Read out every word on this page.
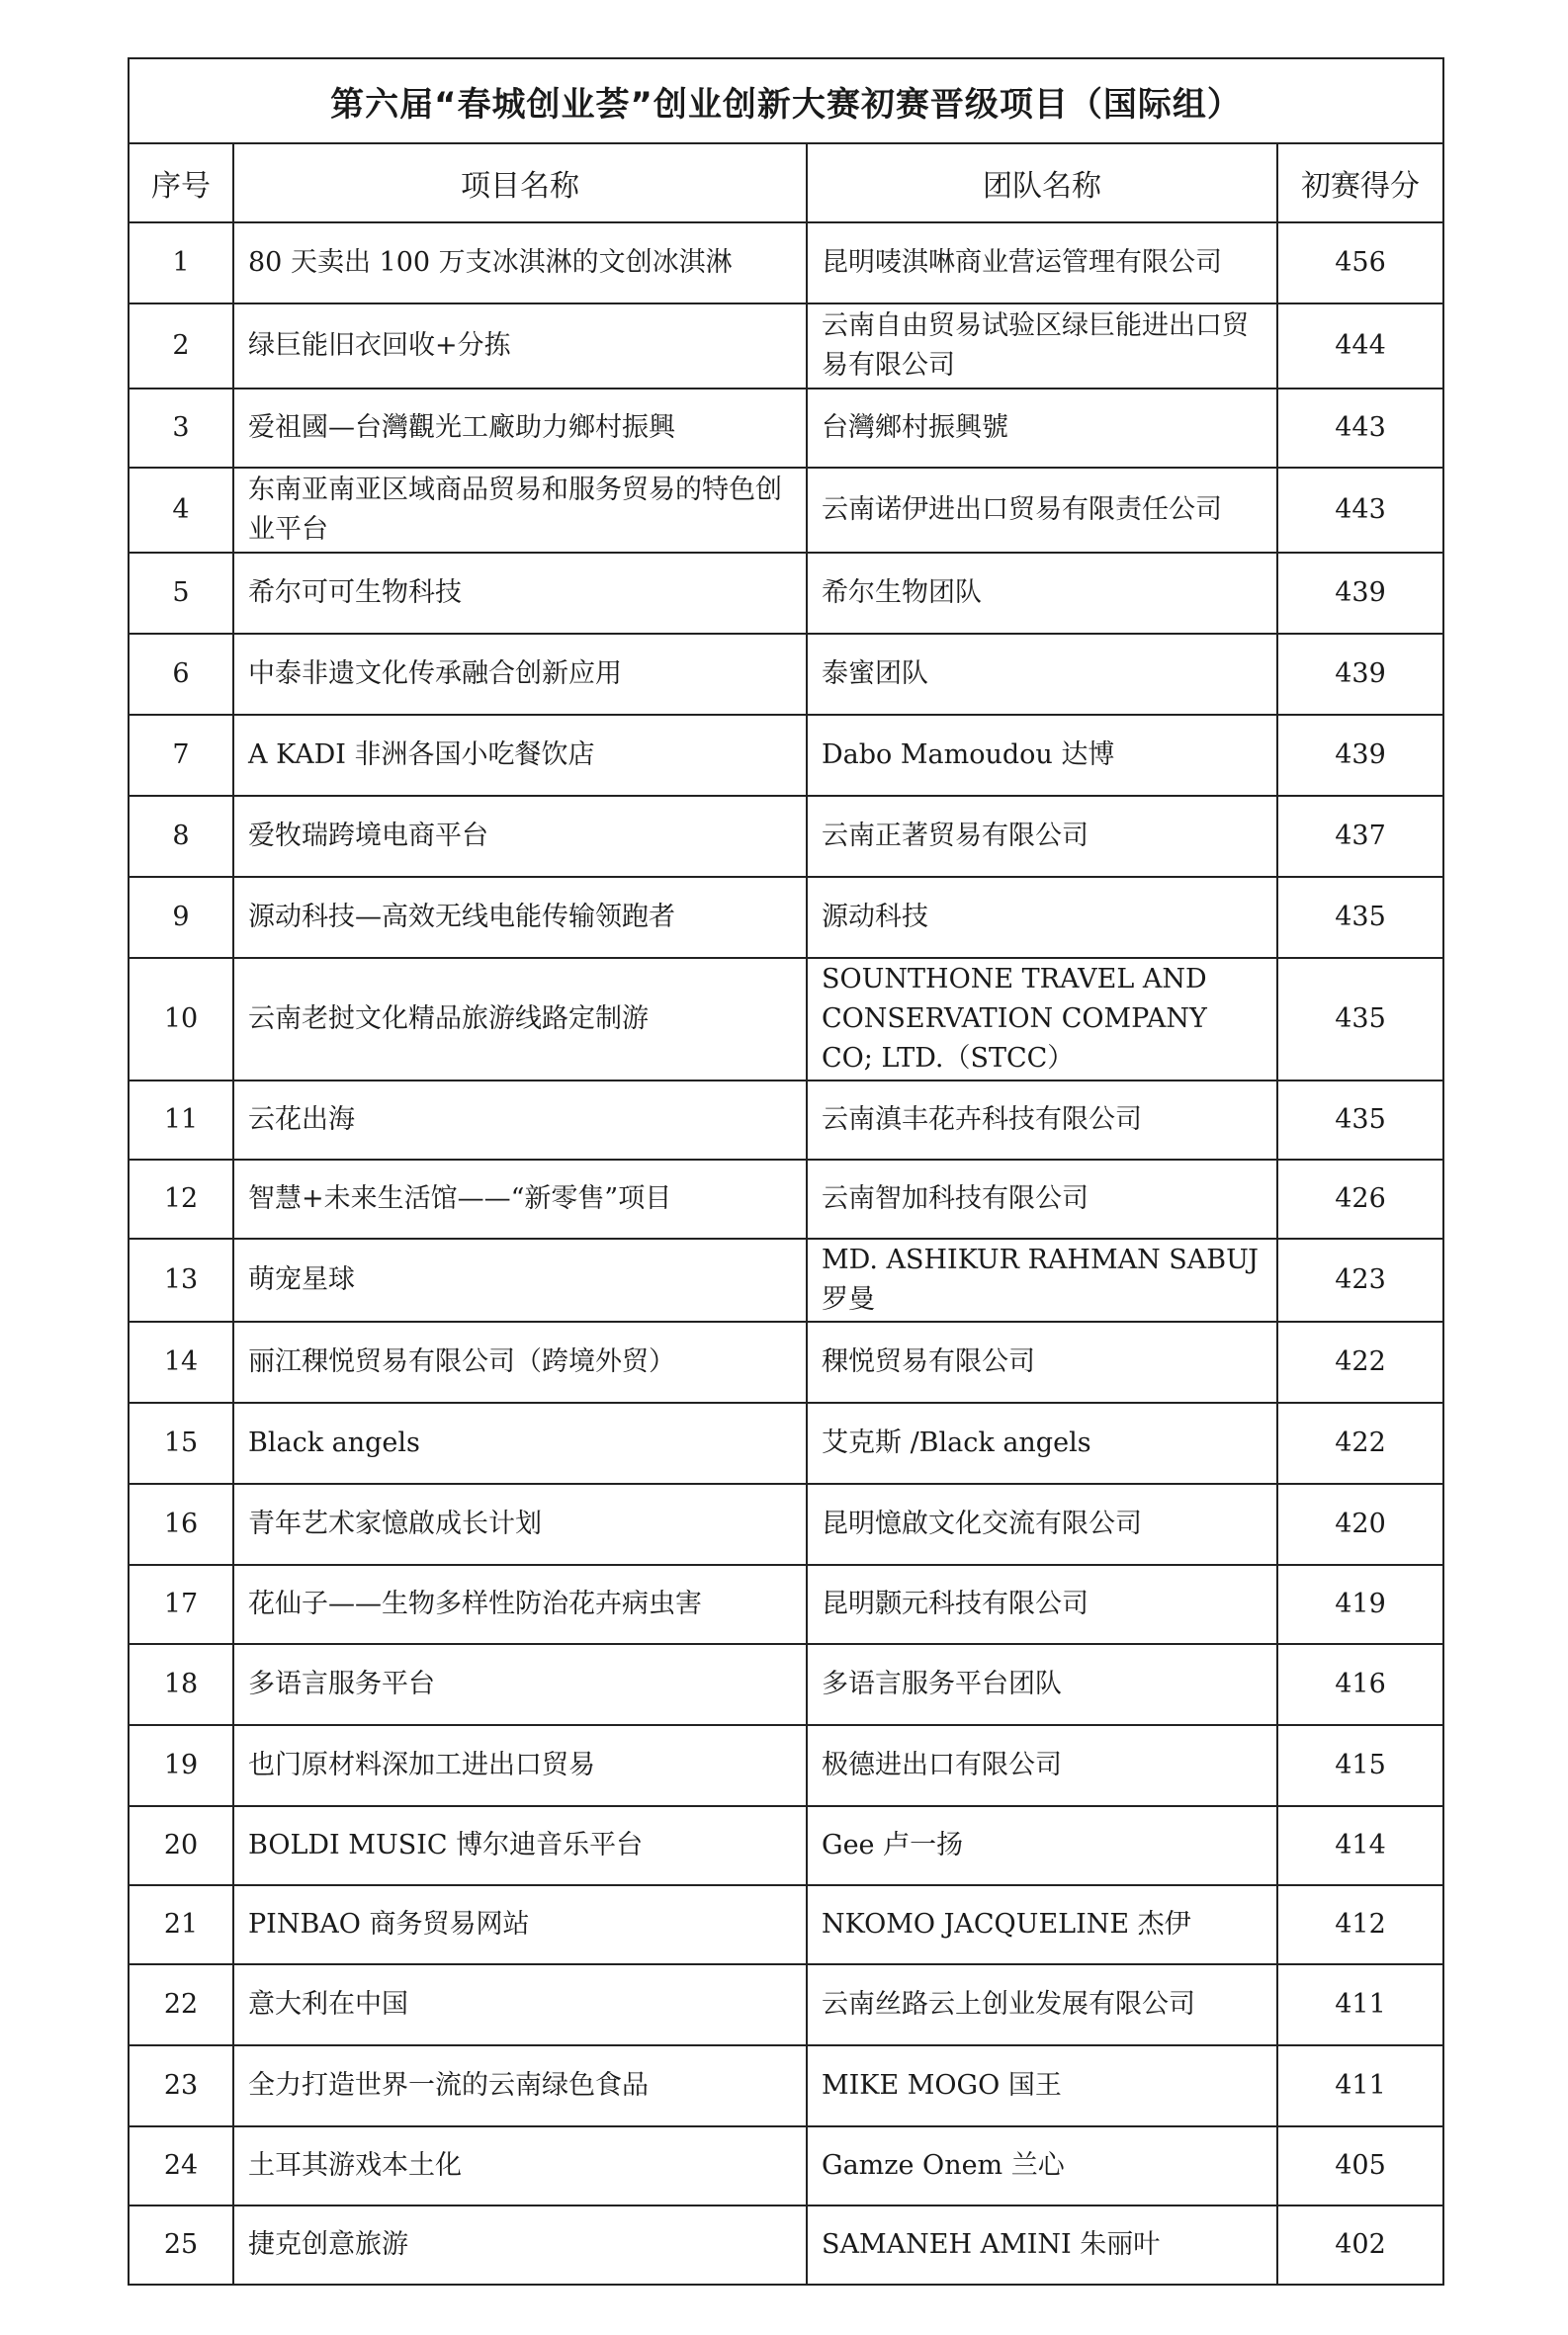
第六届“春城创业荟”创业创新大赛初赛晋级项目（国际组）			
序号	项目名称	团队名称	初赛得分
1	80 天卖出 100 万支冰淇淋的文创冰淇淋	昆明唛淇啉商业营运管理有限公司	456
2	绿巨能旧衣回收+分拣	云南自由贸易试验区绿巨能进出口贸易有限公司	444
3	爱祖國—台灣觀光工廠助力鄉村振興	台灣鄉村振興號	443
4	东南亚南亚区域商品贸易和服务贸易的特色创业平台	云南诺伊进出口贸易有限责任公司	443
5	希尔可可生物科技	希尔生物团队	439
6	中泰非遗文化传承融合创新应用	泰蜜团队	439
7	A KADI 非洲各国小吃餐饮店	Dabo Mamoudou 达博	439
8	爱牧瑞跨境电商平台	云南正著贸易有限公司	437
9	源动科技—高效无线电能传输领跑者	源动科技	435
10	云南老挝文化精品旅游线路定制游	SOUNTHONE TRAVEL AND CONSERVATION COMPANY CO; LTD.（STCC）	435
11	云花出海	云南滇丰花卉科技有限公司	435
12	智慧+未来生活馆——“新零售”项目	云南智加科技有限公司	426
13	萌宠星球	MD. ASHIKUR RAHMAN SABUJ 罗曼	423
14	丽江稞悦贸易有限公司（跨境外贸）	稞悦贸易有限公司	422
15	Black angels	艾克斯 /Black angels	422
16	青年艺术家憶啟成长计划	昆明憶啟文化交流有限公司	420
17	花仙子——生物多样性防治花卉病虫害	昆明颢元科技有限公司	419
18	多语言服务平台	多语言服务平台团队	416
19	也门原材料深加工进出口贸易	极德进出口有限公司	415
20	BOLDI MUSIC 博尔迪音乐平台	Gee 卢一扬	414
21	PINBAO 商务贸易网站	NKOMO JACQUELINE 杰伊	412
22	意大利在中国	云南丝路云上创业发展有限公司	411
23	全力打造世界一流的云南绿色食品	MIKE MOGO 国王	411
24	土耳其游戏本土化	Gamze Onem 兰心	405
25	捷克创意旅游	SAMANEH AMINI 朱丽叶	402
